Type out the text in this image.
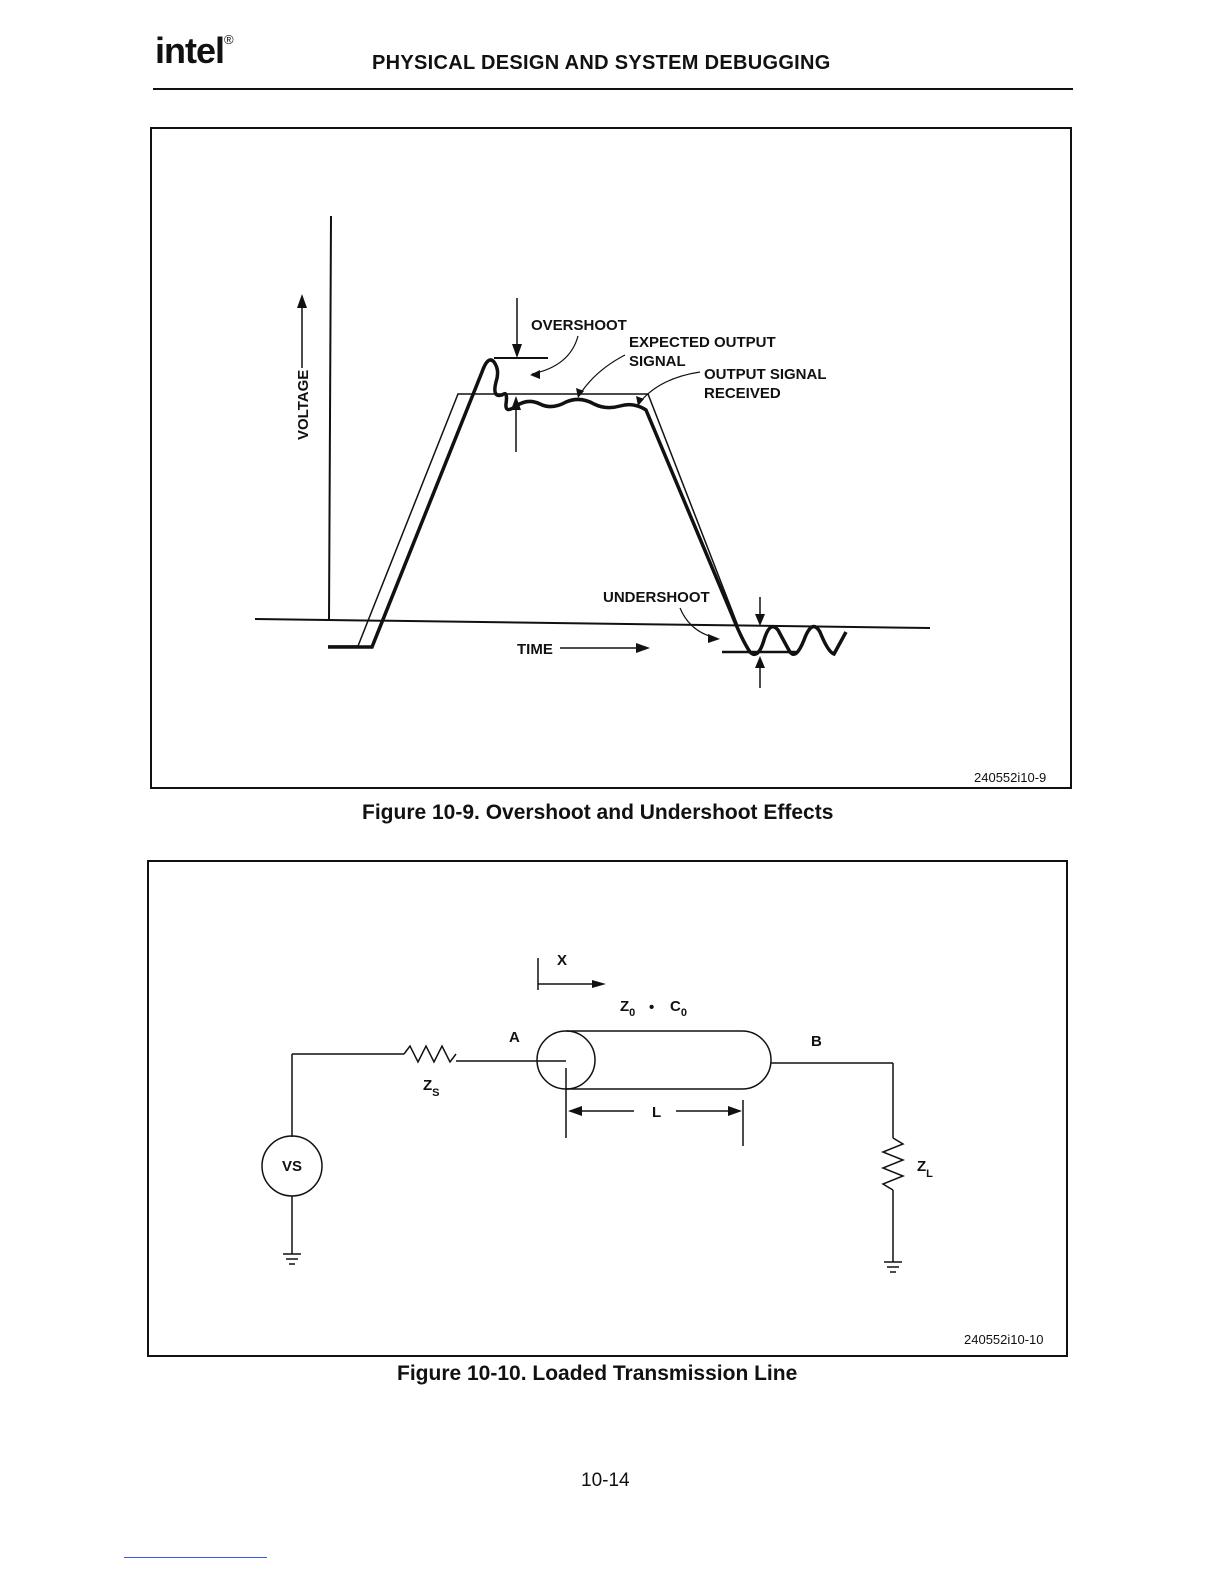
intel®
PHYSICAL DESIGN AND SYSTEM DEBUGGING
VOLTAGE
OVERSHOOT
EXPECTED OUTPUT
SIGNAL
OUTPUT SIGNAL
RECEIVED
UNDERSHOOT
TIME
240552i10-9
Figure 10-9. Overshoot and Undershoot Effects
X
$Z_0$ • $C_0$
$Z_S$
VS
A	B
L
$Z_L$
240552i10-10
Figure 10-10. Loaded Transmission Line
10-14
